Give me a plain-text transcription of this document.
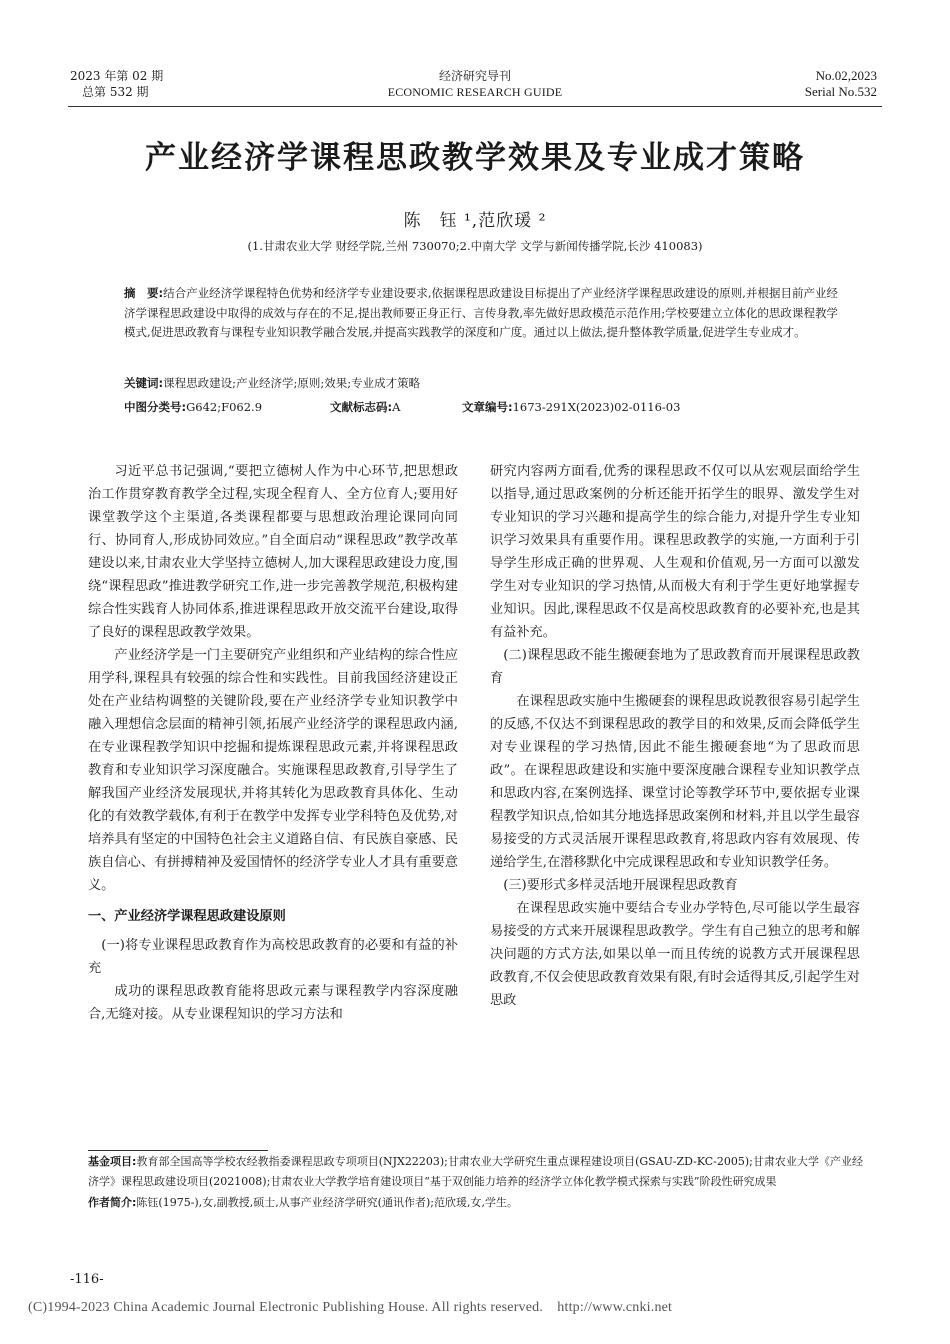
2023 年第 02 期
总第 532 期
经济研究导刊
ECONOMIC RESEARCH GUIDE
No.02,2023
Serial No.532
产业经济学课程思政教学效果及专业成才策略
陈　钰 ¹,范欣瑗 ²
(1.甘肃农业大学 财经学院,兰州 730070;2.中南大学 文学与新闻传播学院,长沙 410083)
摘　要:结合产业经济学课程特色优势和经济学专业建设要求,依据课程思政建设目标提出了产业经济学课程思政建设的原则,并根据目前产业经济学课程思政建设中取得的成效与存在的不足,提出教师要正身正行、言传身教,率先做好思政模范示范作用;学校要建立立体化的思政课程教学模式,促进思政教育与课程专业知识教学融合发展,并提高实践教学的深度和广度。通过以上做法,提升整体教学质量,促进学生专业成才。
关键词:课程思政建设;产业经济学;原则;效果;专业成才策略
中图分类号:G642;F062.9	文献标志码:A	文章编号:1673-291X(2023)02-0116-03

习近平总书记强调,“要把立德树人作为中心环节,把思想政治工作贯穿教育教学全过程,实现全程育人、全方位育人;要用好课堂教学这个主渠道,各类课程都要与思想政治理论课同向同行、协同育人,形成协同效应。”自全面启动“课程思政”教学改革建设以来,甘肃农业大学坚持立德树人,加大课程思政建设力度,围绕“课程思政”推进教学研究工作,进一步完善教学规范,积极构建综合性实践育人协同体系,推进课程思政开放交流平台建设,取得了良好的课程思政教学效果。

产业经济学是一门主要研究产业组织和产业结构的综合性应用学科,课程具有较强的综合性和实践性。目前我国经济建设正处在产业结构调整的关键阶段,要在产业经济学专业知识教学中融入理想信念层面的精神引领,拓展产业经济学的课程思政内涵,在专业课程教学知识中挖掘和提炼课程思政元素,并将课程思政教育和专业知识学习深度融合。实施课程思政教育,引导学生了解我国产业经济发展现状,并将其转化为思政教育具体化、生动化的有效教学载体,有利于在教学中发挥专业学科特色及优势,对培养具有坚定的中国特色社会主义道路自信、有民族自豪感、民族自信心、有拼搏精神及爱国情怀的经济学专业人才具有重要意义。

一、产业经济学课程思政建设原则

(一)将专业课程思政教育作为高校思政教育的必要和有益的补充

成功的课程思政教育能将思政元素与课程教学内容深度融合,无缝对接。从专业课程知识的学习方法和

研究内容两方面看,优秀的课程思政不仅可以从宏观层面给学生以指导,通过思政案例的分析还能开拓学生的眼界、激发学生对专业知识的学习兴趣和提高学生的综合能力,对提升学生专业知识学习效果具有重要作用。课程思政教学的实施,一方面利于引导学生形成正确的世界观、人生观和价值观,另一方面可以激发学生对专业知识的学习热情,从而极大有利于学生更好地掌握专业知识。因此,课程思政不仅是高校思政教育的必要补充,也是其有益补充。

(二)课程思政不能生搬硬套地为了思政教育而开展课程思政教育

在课程思政实施中生搬硬套的课程思政说教很容易引起学生的反感,不仅达不到课程思政的教学目的和效果,反而会降低学生对专业课程的学习热情,因此不能生搬硬套地“为了思政而思政”。在课程思政建设和实施中要深度融合课程专业知识教学点和思政内容,在案例选择、课堂讨论等教学环节中,要依据专业课程教学知识点,恰如其分地选择思政案例和材料,并且以学生最容易接受的方式灵活展开课程思政教育,将思政内容有效展现、传递给学生,在潜移默化中完成课程思政和专业知识教学任务。

(三)要形式多样灵活地开展课程思政教育

在课程思政实施中要结合专业办学特色,尽可能以学生最容易接受的方式来开展课程思政教学。学生有自己独立的思考和解决问题的方式方法,如果以单一而且传统的说教方式开展课程思政教育,不仅会使思政教育效果有限,有时会适得其反,引起学生对思政

基金项目:教育部全国高等学校农经教指委课程思政专项项目(NJX22203);甘肃农业大学研究生重点课程建设项目(GSAU-ZD-KC-2005);甘肃农业大学《产业经济学》课程思政建设项目(2021008);甘肃农业大学教学培育建设项目“基于双创能力培养的经济学立体化教学模式探索与实践”阶段性研究成果
作者简介:陈钰(1975-),女,副教授,硕士,从事产业经济学研究(通讯作者);范欣瑗,女,学生。
-116-
(C)1994-2023 China Academic Journal Electronic Publishing House. All rights reserved.　http://www.cnki.net
